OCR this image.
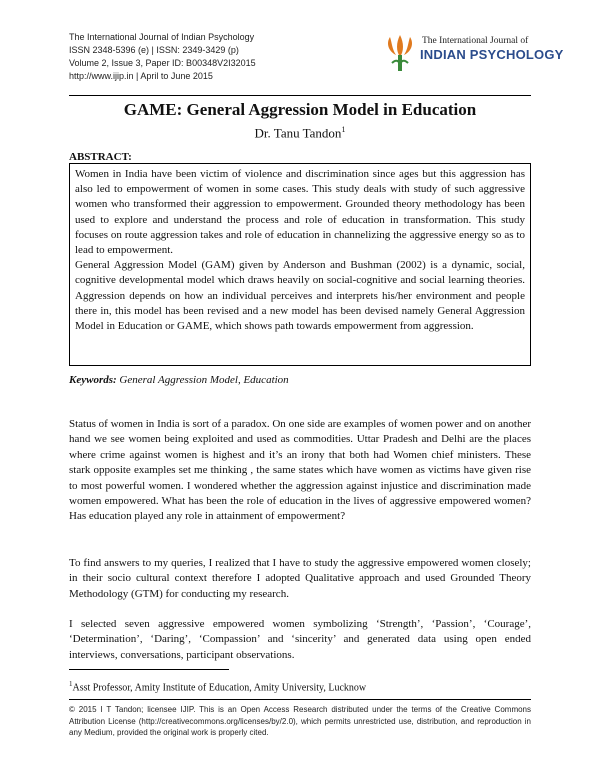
The International Journal of Indian Psychology
ISSN 2348-5396 (e) | ISSN: 2349-3429 (p)
Volume 2, Issue 3, Paper ID: B00348V2I32015
http://www.ijip.in | April to June 2015
The International Journal of
INDIAN PSYCHOLOGY
GAME: General Aggression Model in Education
Dr. Tanu Tandon$^1$
ABSTRACT:

Women in India have been victim of violence and discrimination since ages but this aggression has also led to empowerment of women in some cases. This study deals with study of such aggressive women who transformed their aggression to empowerment. Grounded theory methodology has been used to explore and understand the process and role of education in transformation. This study focuses on route aggression takes and role of education in channelizing the aggressive energy so as to lead to empowerment.

General Aggression Model (GAM) given by Anderson and Bushman (2002) is a dynamic, social, cognitive developmental model which draws heavily on social-cognitive and social learning theories. Aggression depends on how an individual perceives and interprets his/her environment and people there in, this model has been revised and a new model has been devised namely General Aggression Model in Education or GAME, which shows path towards empowerment from aggression.

Keywords: General Aggression Model, Education

Status of women in India is sort of a paradox. On one side are examples of women power and on another hand we see women being exploited and used as commodities. Uttar Pradesh and Delhi are the places where crime against women is highest and it’s an irony that both had Women chief ministers. These stark opposite examples set me thinking , the same states which have women as victims have given rise to most powerful women. I wondered whether the aggression against injustice and discrimination made women empowered. What has been the role of education in the lives of aggressive empowered women? Has education played any role in attainment of empowerment?

To find answers to my queries, I realized that I have to study the aggressive empowered women closely; in their socio cultural context therefore I adopted Qualitative approach and used Grounded Theory Methodology (GTM) for conducting my research.

I selected seven aggressive empowered women symbolizing ‘Strength’, ‘Passion’, ‘Courage’, ‘Determination’, ‘Daring’, ‘Compassion’ and ‘sincerity’ and generated data using open ended interviews, conversations, participant observations.

$^1$Asst Professor, Amity Institute of Education, Amity University, Lucknow
© 2015 I T Tandon; licensee IJIP. This is an Open Access Research distributed under the terms of the Creative Commons Attribution License (http://creativecommons.org/licenses/by/2.0), which permits unrestricted use, distribution, and reproduction in any Medium, provided the original work is properly cited.
